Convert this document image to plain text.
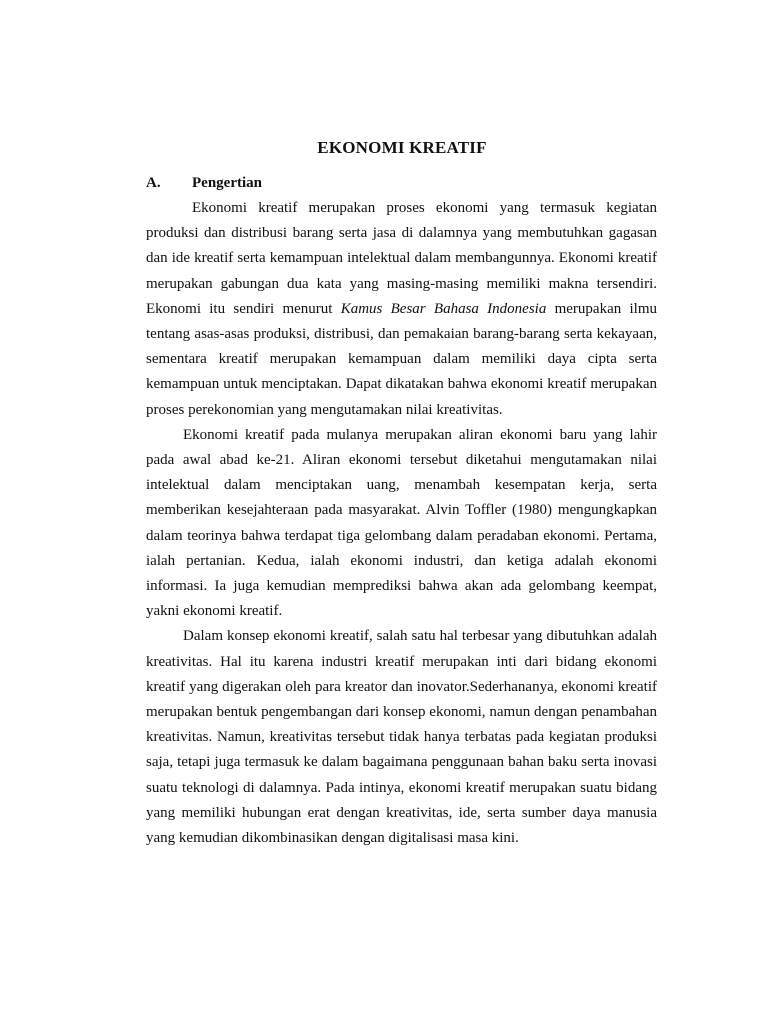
EKONOMI KREATIF
A.	Pengertian

Ekonomi kreatif merupakan proses ekonomi yang termasuk kegiatan produksi dan distribusi barang serta jasa di dalamnya yang membutuhkan gagasan dan ide kreatif serta kemampuan intelektual dalam membangunnya. Ekonomi kreatif merupakan gabungan dua kata yang masing-masing memiliki makna tersendiri. Ekonomi itu sendiri menurut Kamus Besar Bahasa Indonesia merupakan ilmu tentang asas-asas produksi, distribusi, dan pemakaian barang-barang serta kekayaan, sementara kreatif merupakan kemampuan dalam memiliki daya cipta serta kemampuan untuk menciptakan. Dapat dikatakan bahwa ekonomi kreatif merupakan proses perekonomian yang mengutamakan nilai kreativitas.

Ekonomi kreatif pada mulanya merupakan aliran ekonomi baru yang lahir pada awal abad ke-21. Aliran ekonomi tersebut diketahui mengutamakan nilai intelektual dalam menciptakan uang, menambah kesempatan kerja, serta memberikan kesejahteraan pada masyarakat. Alvin Toffler (1980) mengungkapkan dalam teorinya bahwa terdapat tiga gelombang dalam peradaban ekonomi. Pertama, ialah pertanian. Kedua, ialah ekonomi industri, dan ketiga adalah ekonomi informasi. Ia juga kemudian memprediksi bahwa akan ada gelombang keempat, yakni ekonomi kreatif.

Dalam konsep ekonomi kreatif, salah satu hal terbesar yang dibutuhkan adalah kreativitas. Hal itu karena industri kreatif merupakan inti dari bidang ekonomi kreatif yang digerakan oleh para kreator dan inovator.Sederhananya, ekonomi kreatif merupakan bentuk pengembangan dari konsep ekonomi, namun dengan penambahan kreativitas. Namun, kreativitas tersebut tidak hanya terbatas pada kegiatan produksi saja, tetapi juga termasuk ke dalam bagaimana penggunaan bahan baku serta inovasi suatu teknologi di dalamnya. Pada intinya, ekonomi kreatif merupakan suatu bidang yang memiliki hubungan erat dengan kreativitas, ide, serta sumber daya manusia yang kemudian dikombinasikan dengan digitalisasi masa kini.
